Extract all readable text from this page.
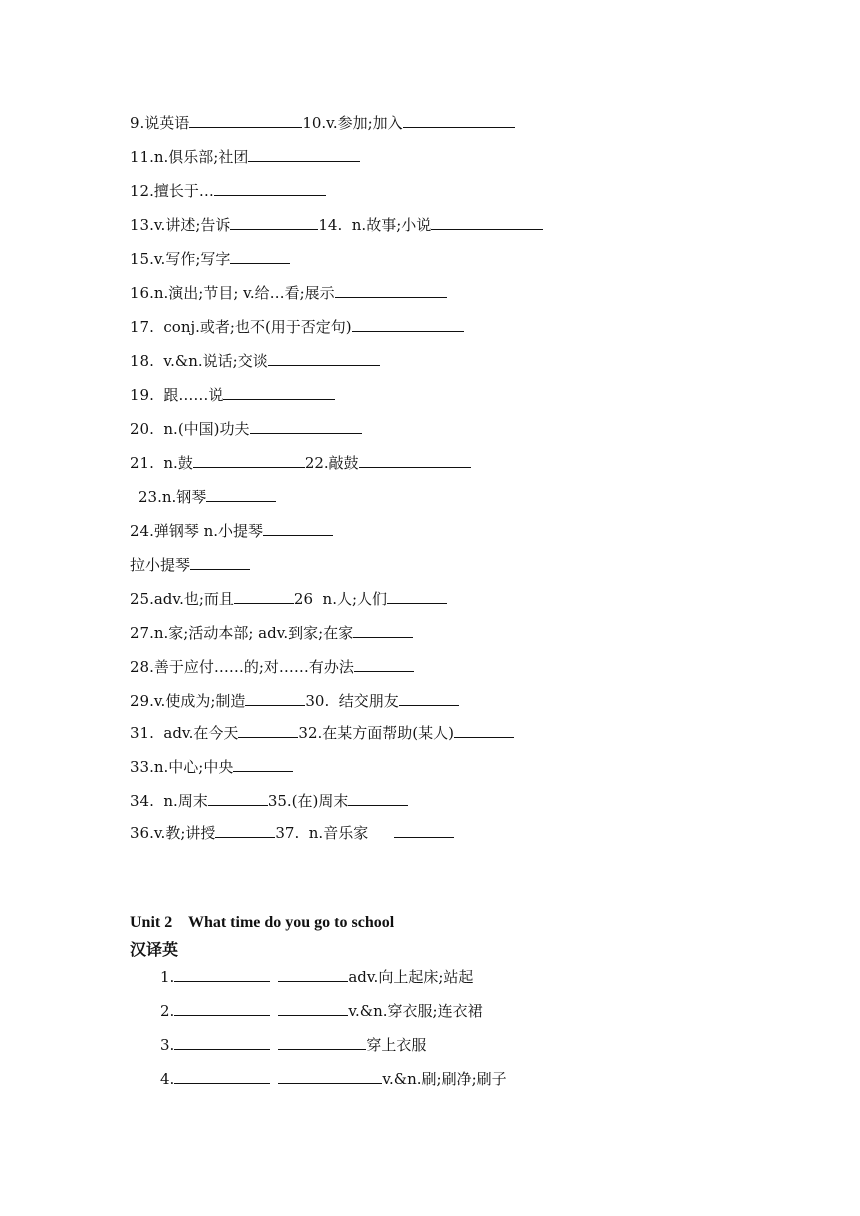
9.说英语	10.v.参加;加入
11.n.俱乐部;社团
12.擅长于…
13.v.讲述;告诉	14.  n.故事;小说
15.v.写作;写字
16.n.演出;节目; v.给…看;展示
17.  conj.或者;也不(用于否定句)
18.  v.&n.说话;交谈
19.  跟……说
20.  n.(中国)功夫
21.  n.鼓	22.敲鼓
23.n.钢琴
24.弹钢琴 n.小提琴
拉小提琴
25.adv.也;而且	26  n.人;人们
27.n.家;活动本部; adv.到家;在家
28.善于应付……的;对……有办法
29.v.使成为;制造	30.  结交朋友
31.  adv.在今天	32.在某方面帮助(某人)
33.n.中心;中央
34.  n.周末	35.(在)周末
36.v.教;讲授	37.  n.音乐家
Unit 2    What time do you go to school
汉译英
1.	adv.向上起床;站起
2.	v.&n.穿衣服;连衣裙
3.	穿上衣服
4.	v.&n.刷;刷净;刷子
